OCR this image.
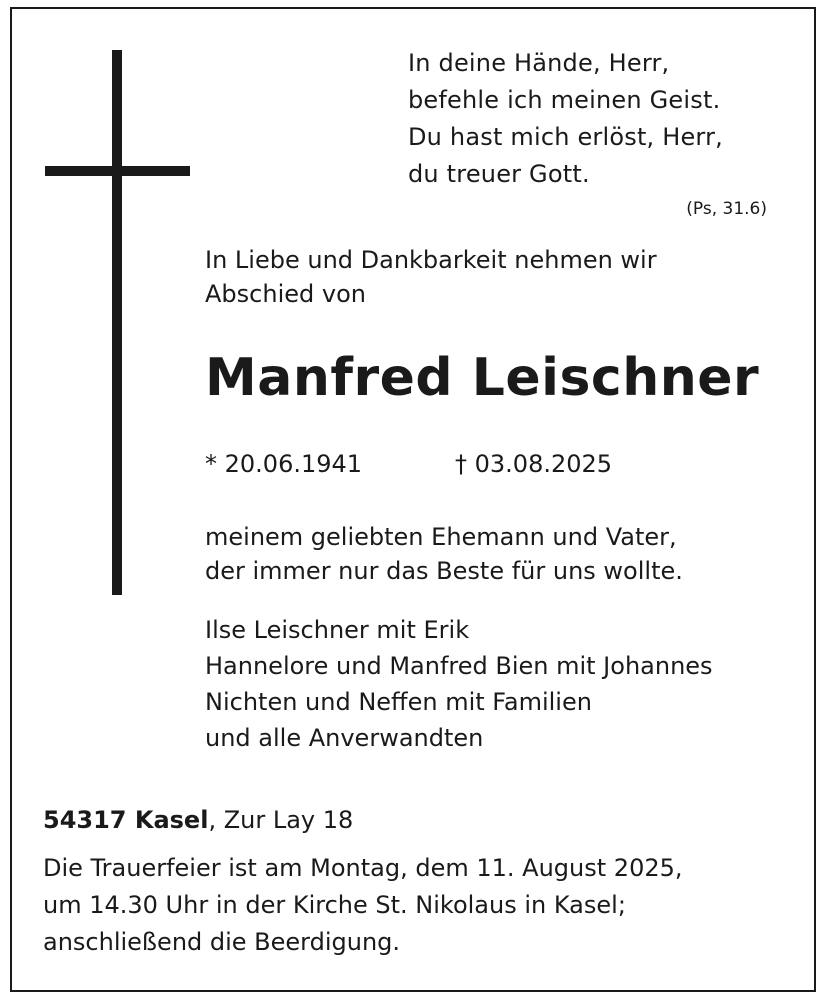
In deine Hände, Herr,
befehle ich meinen Geist.
Du hast mich erlöst, Herr,
du treuer Gott.

(Ps, 31.6)
In Liebe und Dankbarkeit nehmen wir
Abschied von
Manfred Leischner
* 20.06.1941	† 03.08.2025
meinem geliebten Ehemann und Vater,
der immer nur das Beste für uns wollte.
Ilse Leischner mit Erik
Hannelore und Manfred Bien mit Johannes
Nichten und Neffen mit Familien
und alle Anverwandten
54317 Kasel, Zur Lay 18
Die Trauerfeier ist am Montag, dem 11. August 2025,
um 14.30 Uhr in der Kirche St. Nikolaus in Kasel;
anschließend die Beerdigung.
